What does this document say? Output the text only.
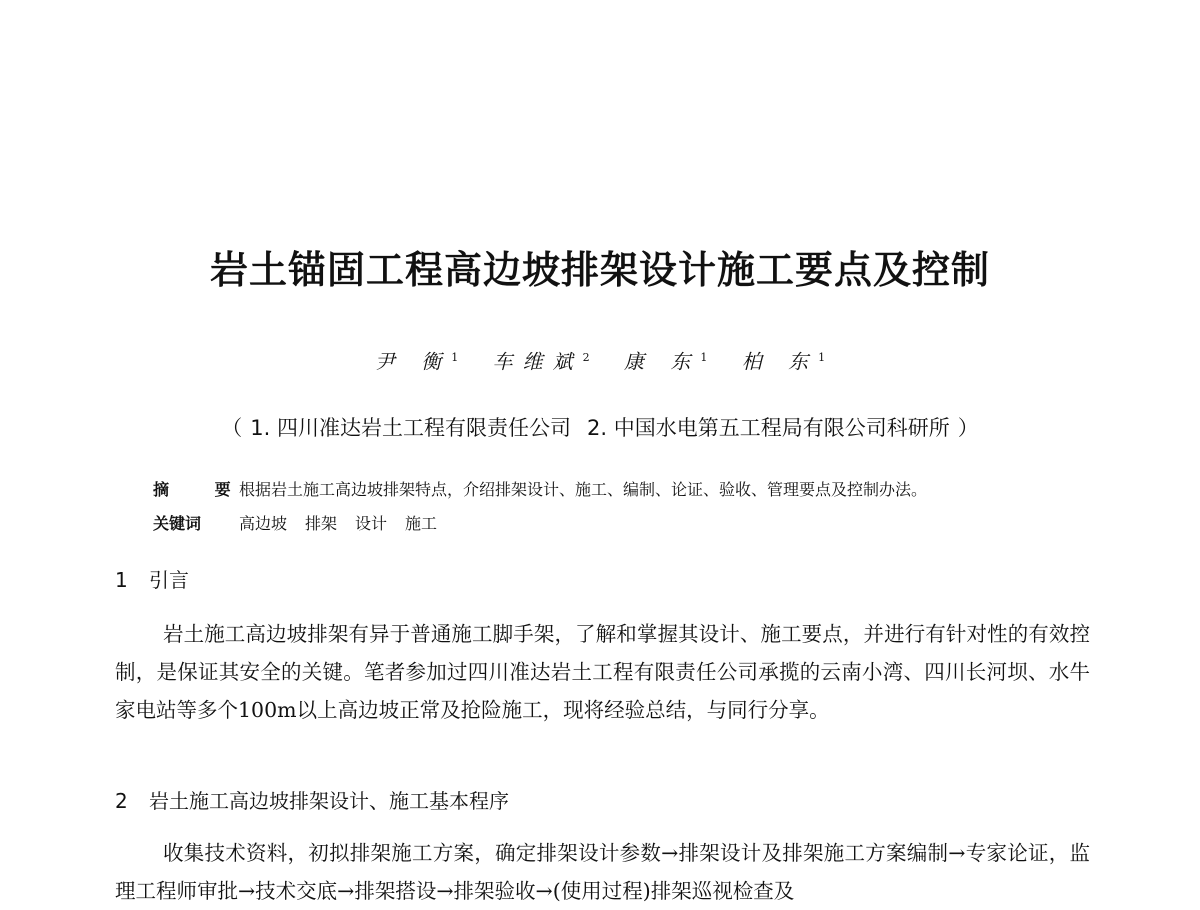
岩土锚固工程高边坡排架设计施工要点及控制
尹 衡$^1$ 车维斌$^2$ 康 东$^1$ 柏 东$^1$
（ 1. 四川准达岩土工程有限责任公司 2. 中国水电第五工程局有限公司科研所 ）
摘 要根据岩土施工高边坡排架特点，介绍排架设计、施工、编制、论证、验收、管理要点及控制办法。
关键词 高边坡 排架 设计 施工
1 引言

岩土施工高边坡排架有异于普通施工脚手架，了解和掌握其设计、施工要点，并进行有针对性的有效控制，是保证其安全的关键。笔者参加过四川准达岩土工程有限责任公司承揽的云南小湾、四川长河坝、水牛家电站等多个100m以上高边坡正常及抢险施工，现将经验总结，与同行分享。

2 岩土施工高边坡排架设计、施工基本程序

收集技术资料，初拟排架施工方案，确定排架设计参数→排架设计及排架施工方案编制→专家论证，监理工程师审批→技术交底→排架搭设→排架验收→(使用过程)排架巡视检查及
